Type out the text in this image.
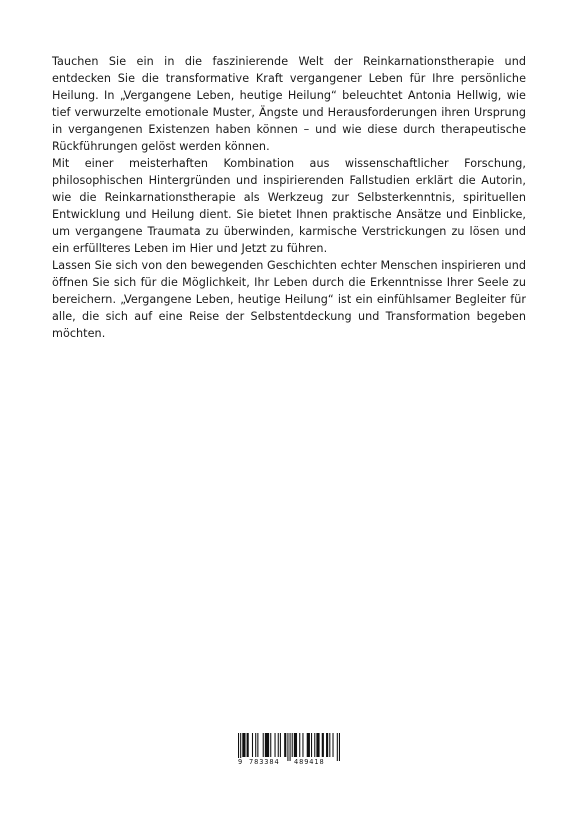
Tauchen Sie ein in die faszinierende Welt der Reinkarnationstherapie und entdecken Sie die transformative Kraft vergangener Leben für Ihre persönliche Heilung. In „Vergangene Leben, heutige Heilung“ beleuchtet Antonia Hellwig, wie tief verwurzelte emotionale Muster, Ängste und Herausforderungen ihren Ursprung in vergangenen Existenzen haben können – und wie diese durch therapeutische Rückführungen gelöst werden können.

Mit einer meisterhaften Kombination aus wissenschaftlicher Forschung, philosophischen Hintergründen und inspirierenden Fallstudien erklärt die Autorin, wie die Reinkarnationstherapie als Werkzeug zur Selbsterkenntnis, spirituellen Entwicklung und Heilung dient. Sie bietet Ihnen praktische Ansätze und Einblicke, um vergangene Traumata zu überwinden, karmische Verstrickungen zu lösen und ein erfüllteres Leben im Hier und Jetzt zu führen.

Lassen Sie sich von den bewegenden Geschichten echter Menschen inspirieren und öffnen Sie sich für die Möglichkeit, Ihr Leben durch die Erkenntnisse Ihrer Seele zu bereichern. „Vergangene Leben, heutige Heilung“ ist ein einfühlsamer Begleiter für alle, die sich auf eine Reise der Selbstentdeckung und Transformation begeben möchten.

9 783384 489418
